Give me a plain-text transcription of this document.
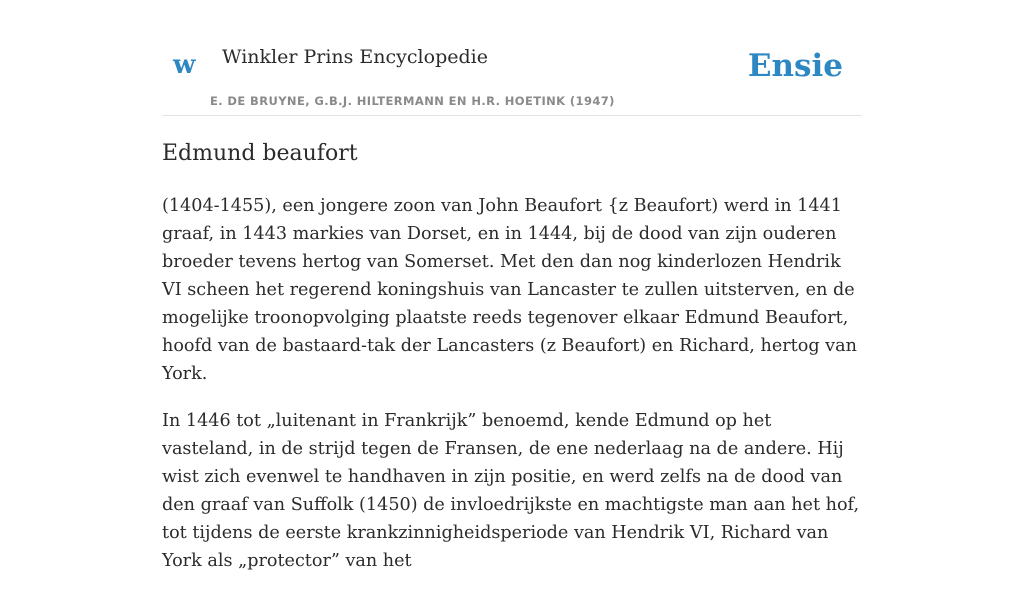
w Winkler Prins Encyclopedie
E. DE BRUYNE, G.B.J. HILTERMANN EN H.R. HOETINK (1947)
Ensie
Edmund beaufort

(1404-1455), een jongere zoon van John Beaufort {z Beaufort) werd in 1441 graaf, in 1443 markies van Dorset, en in 1444, bij de dood van zijn ouderen broeder tevens hertog van Somerset. Met den dan nog kinderlozen Hendrik VI scheen het regerend koningshuis van Lancaster te zullen uitsterven, en de mogelijke troonopvolging plaatste reeds tegenover elkaar Edmund Beaufort, hoofd van de bastaard-tak der Lancasters (z Beaufort) en Richard, hertog van York.

In 1446 tot „luitenant in Frankrijk” benoemd, kende Edmund op het vasteland, in de strijd tegen de Fransen, de ene nederlaag na de andere. Hij wist zich evenwel te handhaven in zijn positie, en werd zelfs na de dood van den graaf van Suffolk (1450) de invloedrijkste en machtigste man aan het hof, tot tijdens de eerste krankzinnigheidsperiode van Hendrik VI, Richard van York als „protector” van het
